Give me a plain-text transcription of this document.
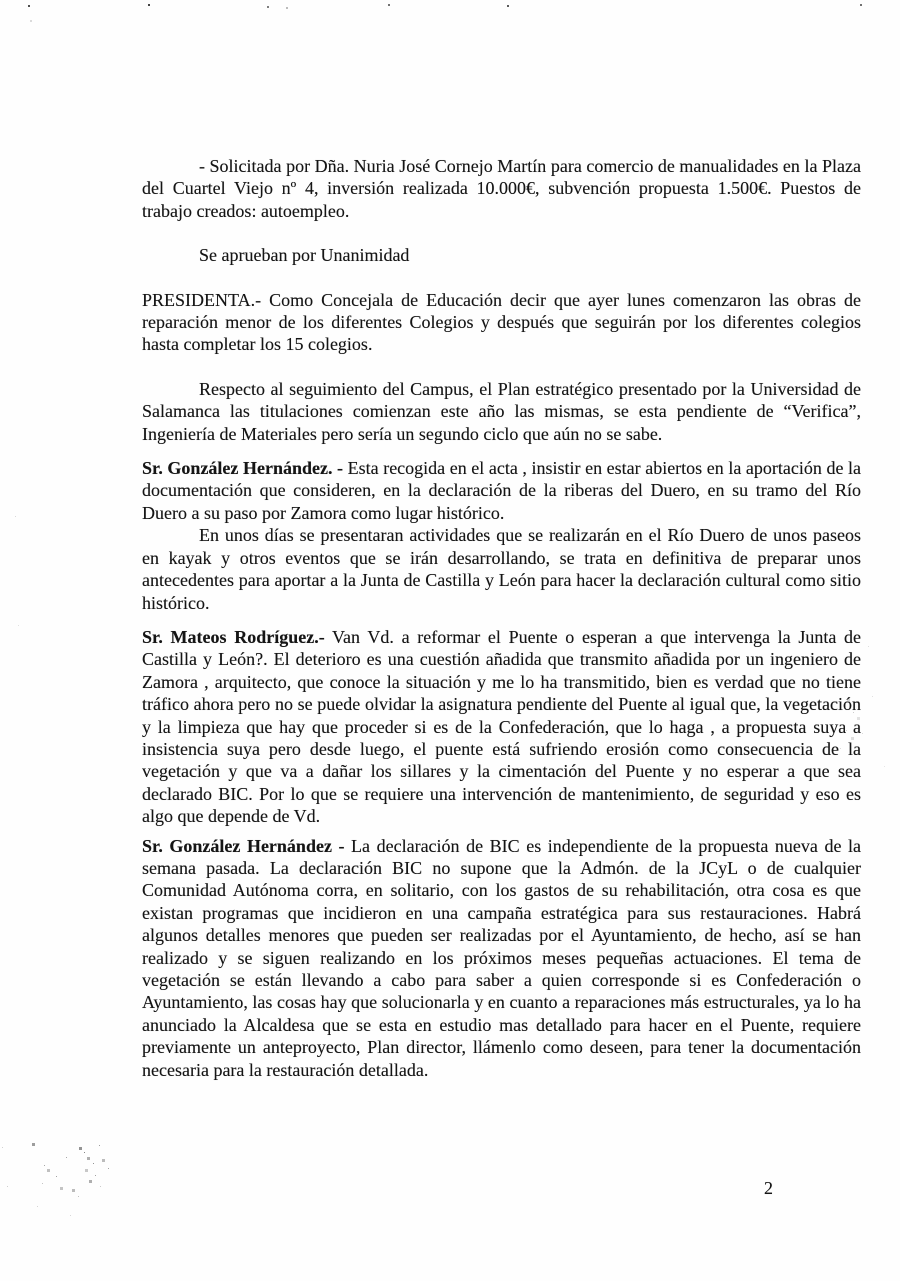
- Solicitada por Dña. Nuria José Cornejo Martín para comercio de manualidades en la Plaza del Cuartel Viejo nº 4, inversión realizada 10.000€, subvención propuesta 1.500€. Puestos de trabajo creados: autoempleo.

Se aprueban por Unanimidad

PRESIDENTA.- Como Concejala de Educación decir que ayer lunes comenzaron las obras de reparación menor de los diferentes Colegios y después que seguirán por los diferentes colegios hasta completar los 15 colegios.

Respecto al seguimiento del Campus, el Plan estratégico presentado por la Universidad de Salamanca las titulaciones comienzan este año las mismas, se esta pendiente de “Verifica”, Ingeniería de Materiales pero sería un segundo ciclo que aún no se sabe.

Sr. González Hernández. - Esta recogida en el acta , insistir en estar abiertos en la aportación de la documentación que consideren, en la declaración de la riberas del Duero, en su tramo del Río Duero a su paso por Zamora como lugar histórico.

En unos días se presentaran actividades que se realizarán en el Río Duero de unos paseos en kayak y otros eventos que se irán desarrollando, se trata en definitiva de preparar unos antecedentes para aportar a la Junta de Castilla y León para hacer la declaración cultural como sitio histórico.

Sr. Mateos Rodríguez.- Van Vd. a reformar el Puente o esperan a que intervenga la Junta de Castilla y León?. El deterioro es una cuestión añadida que transmito añadida por un ingeniero de Zamora , arquitecto, que conoce la situación y me lo ha transmitido, bien es verdad que no tiene tráfico ahora pero no se puede olvidar la asignatura pendiente del Puente al igual que, la vegetación y la limpieza que hay que proceder si es de la Confederación, que lo haga , a propuesta suya a insistencia suya pero desde luego, el puente está sufriendo erosión como consecuencia de la vegetación y que va a dañar los sillares y la cimentación del Puente y no esperar a que sea declarado BIC. Por lo que se requiere una intervención de mantenimiento, de seguridad y eso es algo que depende de Vd.

Sr. González Hernández - La declaración de BIC es independiente de la propuesta nueva de la semana pasada. La declaración BIC no supone que la Admón. de la JCyL o de cualquier Comunidad Autónoma corra, en solitario, con los gastos de su rehabilitación, otra cosa es que existan programas que incidieron en una campaña estratégica para sus restauraciones. Habrá algunos detalles menores que pueden ser realizadas por el Ayuntamiento, de hecho, así se han realizado y se siguen realizando en los próximos meses pequeñas actuaciones. El tema de vegetación se están llevando a cabo para saber a quien corresponde si es Confederación o Ayuntamiento, las cosas hay que solucionarla y en cuanto a reparaciones más estructurales, ya lo ha anunciado la Alcaldesa que se esta en estudio mas detallado para hacer en el Puente, requiere previamente un anteproyecto, Plan director, llámenlo como deseen, para tener la documentación necesaria para la restauración detallada.

2
